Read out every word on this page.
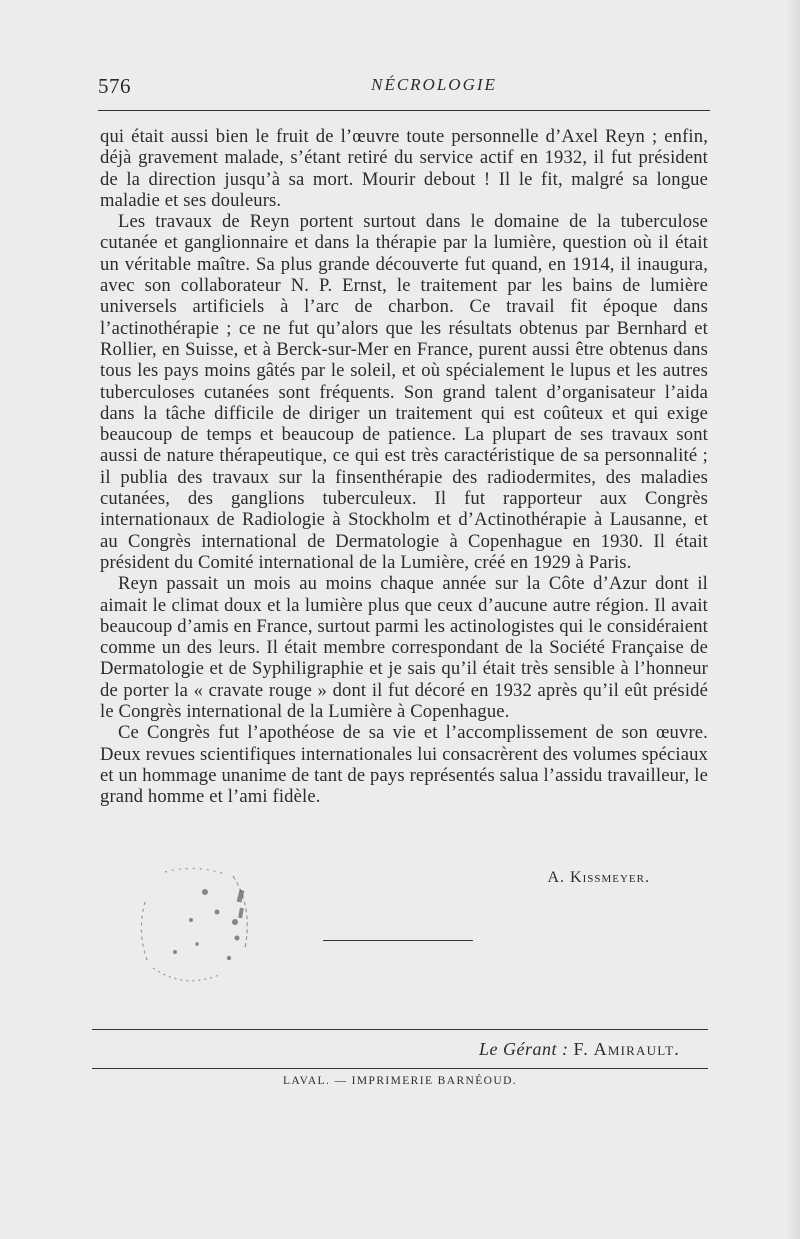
576	NÉCROLOGIE

qui était aussi bien le fruit de l’œuvre toute personnelle d’Axel Reyn ; enfin, déjà gravement malade, s’étant retiré du service actif en 1932, il fut président de la direction jusqu’à sa mort. Mourir debout ! Il le fit, malgré sa longue maladie et ses douleurs.

Les travaux de Reyn portent surtout dans le domaine de la tuberculose cutanée et ganglionnaire et dans la thérapie par la lumière, question où il était un véritable maître. Sa plus grande découverte fut quand, en 1914, il inaugura, avec son collaborateur N. P. Ernst, le traitement par les bains de lumière universels artificiels à l’arc de charbon. Ce travail fit époque dans l’actinothérapie ; ce ne fut qu’alors que les résultats obtenus par Bernhard et Rollier, en Suisse, et à Berck-sur-Mer en France, purent aussi être obtenus dans tous les pays moins gâtés par le soleil, et où spécialement le lupus et les autres tuberculoses cutanées sont fréquents. Son grand talent d’organisateur l’aida dans la tâche difficile de diriger un traitement qui est coûteux et qui exige beaucoup de temps et beaucoup de patience. La plupart de ses travaux sont aussi de nature thérapeutique, ce qui est très caractéristique de sa personnalité ; il publia des travaux sur la finsenthérapie des radiodermites, des maladies cutanées, des ganglions tuberculeux. Il fut rapporteur aux Congrès internationaux de Radiologie à Stockholm et d’Actinothérapie à Lausanne, et au Congrès international de Dermatologie à Copenhague en 1930. Il était président du Comité international de la Lumière, créé en 1929 à Paris.

Reyn passait un mois au moins chaque année sur la Côte d’Azur dont il aimait le climat doux et la lumière plus que ceux d’aucune autre région. Il avait beaucoup d’amis en France, surtout parmi les actinologistes qui le considéraient comme un des leurs. Il était membre correspondant de la Société Française de Dermatologie et de Syphiligraphie et je sais qu’il était très sensible à l’honneur de porter la « cravate rouge » dont il fut décoré en 1932 après qu’il eût présidé le Congrès international de la Lumière à Copenhague.

Ce Congrès fut l’apothéose de sa vie et l’accomplissement de son œuvre. Deux revues scientifiques internationales lui consacrèrent des volumes spéciaux et un hommage unanime de tant de pays représentés salua l’assidu travailleur, le grand homme et l’ami fidèle.

A. Kissmeyer.
Le Gérant : F. Amirault.
LAVAL. — IMPRIMERIE BARNÉOUD.
